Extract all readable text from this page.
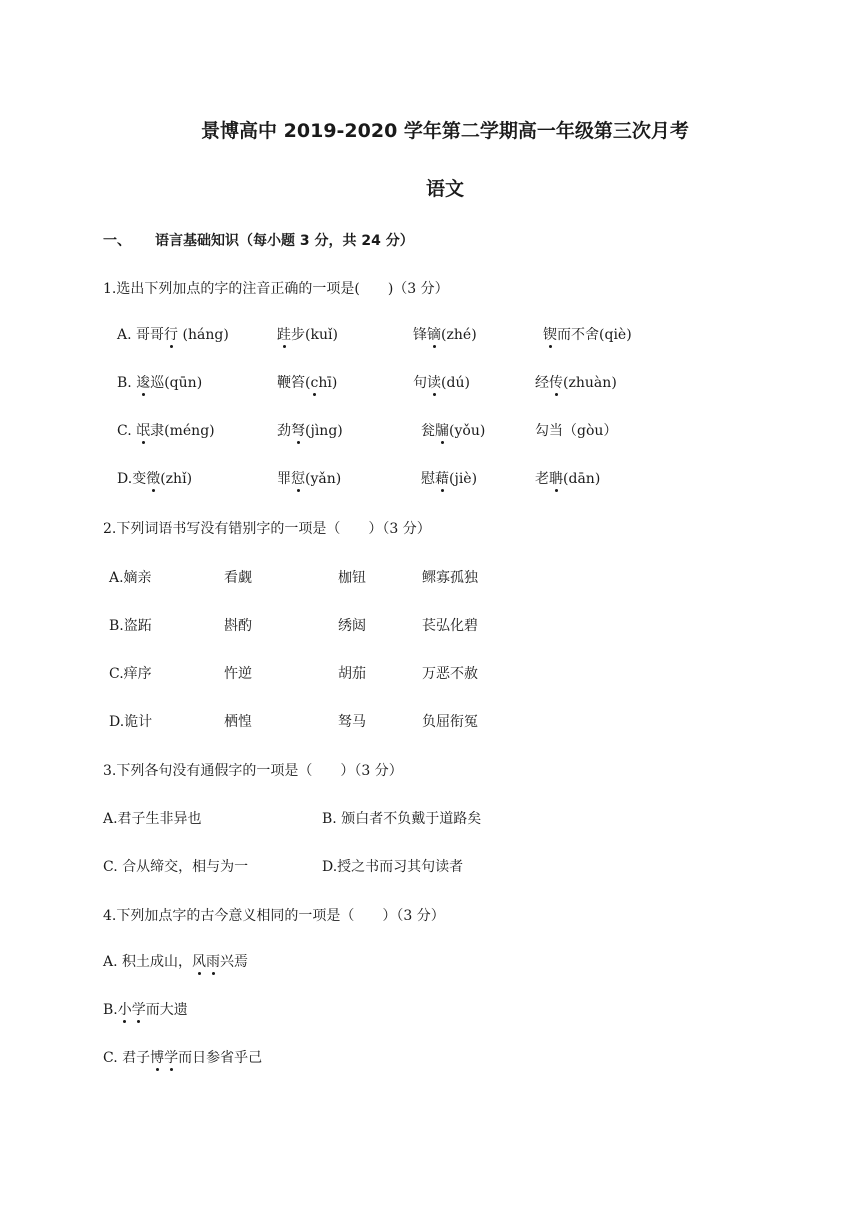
景博高中 2019-2020 学年第二学期高一年级第三次月考
语文
一、 语言基础知识（每小题 3 分，共 24 分）
1.选出下列加点的字的注音正确的一项是(　　)（3 分）
A. 哥哥行 (háng)	跬步(kuǐ)	锋镝(zhé)	锲而不舍(qiè)
B. 逡巡(qūn)	鞭笞(chī)	句读(dú)	经传(zhuàn)
C. 氓隶(méng)	劲弩(jìng)	瓮牖(yǒu)	勾当（gòu）
D.变徵(zhǐ)	罪愆(yǎn)	慰藉(jiè)	老聃(dān)
2.下列词语书写没有错别字的一项是（　　）（3 分）
A.嫡亲	看觑	枷钮	鳏寡孤独
B.盗跖	斟酌	绣闼	苌弘化碧
C.痒序	忤逆	胡茄	万恶不赦
D.诡计	栖惶	驽马	负屈衔冤
3.下列各句没有通假字的一项是（　　）（3 分）
A.君子生非异也	B. 颁白者不负戴于道路矣
C. 合从缔交，相与为一	D.授之书而习其句读者
4.下列加点字的古今意义相同的一项是（　　）（3 分）
A. 积土成山，风雨兴焉
B.小学而大遗
C. 君子博学而日参省乎己
